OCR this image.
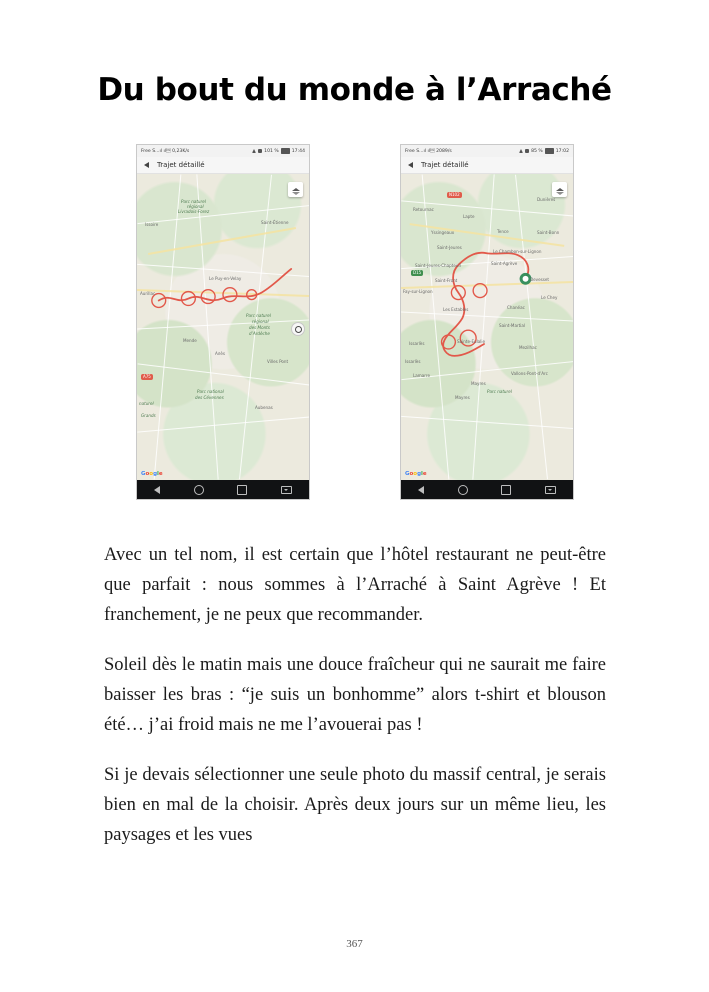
Du bout du monde à l’Arraché
Free S...ıl ıl 0,23K/s	101 %	17:44
Trajet détaillé
Parc naturel
régional
Livradois-Forez
Issoire	Saint-Étienne
Le Puy-en-Velay
Aurillac
Parc naturel
régional
des Monts
d’Ardèche
Mende
Aлès
Villes Pont
Parc national
des Cévennes
naturel
Grands
Aubenas
A75
Google
Free S...ıl ıl 2089/s	85 %	17:02
Trajet détaillé
Retournac
Dunières
Lapte
Yssingeaux	Saint-Bonn
Tence
Saint-Jeures
Le Chambon-sur-Lignon
Saint-Jeures-Chapteuil	Saint-Agrève
Saint-Front	Devesset
Fay-sur-Lignon
Le Chey
Les Estables	Chanéac
Saint-Martial
Sainte-Eulalie
Issarlès
Mezilhac
Issarlès
Lamarre
Mayres
Parc naturel
Mayres
Vallons-Pont-d'Arc
D15
N102
Google

Avec un tel nom, il est certain que l’hôtel restaurant ne peut-être que parfait : nous sommes à l’Arraché à Saint Agrève ! Et franchement, je ne peux que recommander.

Soleil dès le matin mais une douce fraîcheur qui ne saurait me faire baisser les bras : “je suis un bonhomme” alors t-shirt et blouson été… j’ai froid mais ne me l’avouerai pas !

Si je devais sélectionner une seule photo du massif central, je serais bien en mal de la choisir. Après deux jours sur un même lieu, les paysages et les vues

367
